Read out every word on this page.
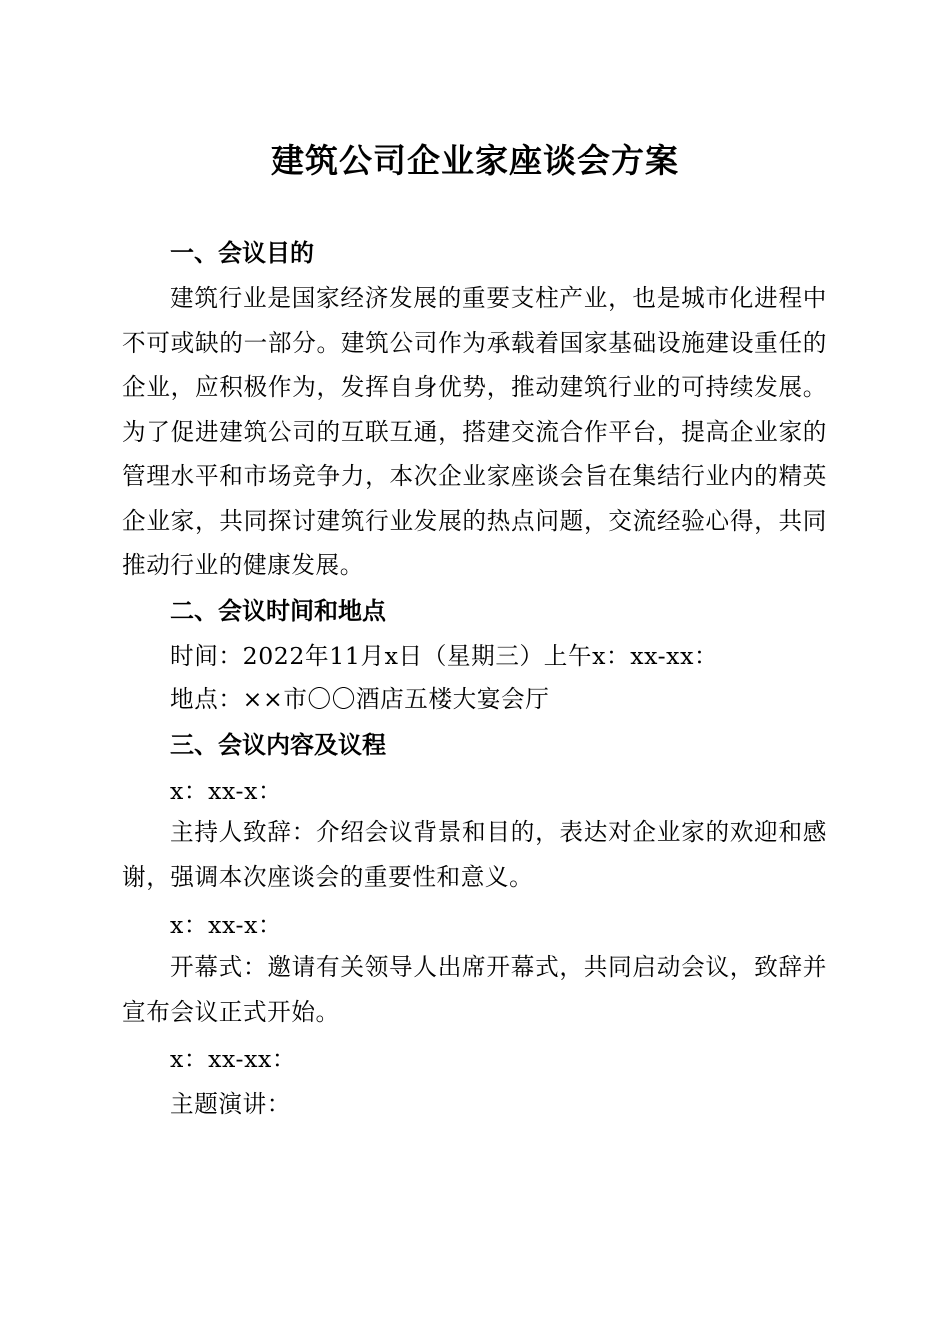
建筑公司企业家座谈会方案
一、会议目的
建筑行业是国家经济发展的重要支柱产业，也是城市化进程中不可或缺的一部分。建筑公司作为承载着国家基础设施建设重任的企业，应积极作为，发挥自身优势，推动建筑行业的可持续发展。为了促进建筑公司的互联互通，搭建交流合作平台，提高企业家的管理水平和市场竞争力，本次企业家座谈会旨在集结行业内的精英企业家，共同探讨建筑行业发展的热点问题，交流经验心得，共同推动行业的健康发展。
二、会议时间和地点
时间：2022年11月x日（星期三）上午x：xx-xx：
地点：××市〇〇酒店五楼大宴会厅
三、会议内容及议程
x：xx-x：
主持人致辞：介绍会议背景和目的，表达对企业家的欢迎和感谢，强调本次座谈会的重要性和意义。
x：xx-x：
开幕式：邀请有关领导人出席开幕式，共同启动会议，致辞并宣布会议正式开始。
x：xx-xx：
主题演讲：
